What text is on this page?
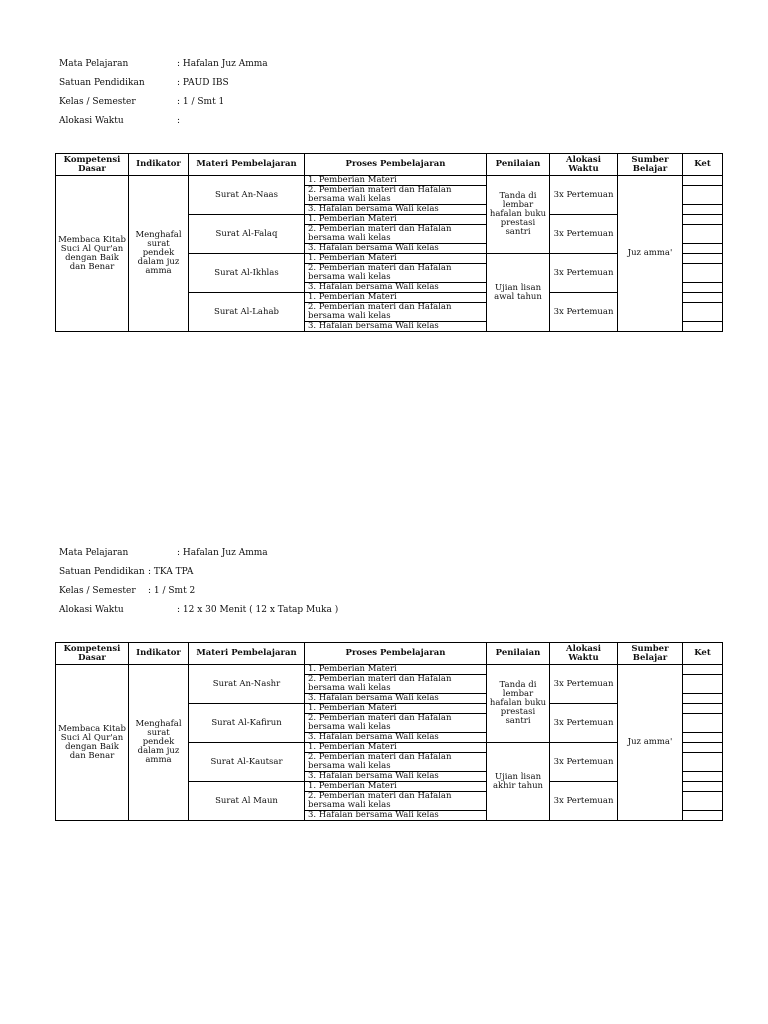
Mata Pelajaran	: Hafalan Juz Amma
Satuan Pendidikan	: PAUD IBS
Kelas / Semester	: 1 / Smt 1
Alokasi Waktu	:
Kompetensi Dasar	Indikator	Materi Pembelajaran	Proses Pembelajaran	Penilaian	Alokasi Waktu	Sumber Belajar	Ket
Membaca Kitab Suci Al Qur'an dengan Baik dan Benar	Menghafal surat pendek dalam juz amma	Surat An-Naas	1. Pemberian Materi	Tanda di lembar hafalan buku prestasi santri	3x Pertemuan	Juz amma'	
			2. Pemberian materi dan Hafalan bersama wali kelas				
			3. Hafalan bersama Wali kelas				
		Surat Al-Falaq	1. Pemberian Materi		3x Pertemuan		
			2. Pemberian materi dan Hafalan bersama wali kelas				
			3. Hafalan bersama Wali kelas				
		Surat Al-Ikhlas	1. Pemberian Materi	Ujian lisan awal tahun	3x Pertemuan		
			2. Pemberian materi dan Hafalan bersama wali kelas				
			3. Hafalan bersama Wali kelas				
		Surat Al-Lahab	1. Pemberian Materi		3x Pertemuan		
			2. Pemberian materi dan Hafalan bersama wali kelas				
			3. Hafalan bersama Wali kelas				
Mata Pelajaran	: Hafalan Juz Amma
Satuan Pendidikan : TKA TPA
Kelas / Semester : 1 / Smt 2
Alokasi Waktu	: 12 x 30 Menit ( 12 x Tatap Muka )
Kompetensi Dasar	Indikator	Materi Pembelajaran	Proses Pembelajaran	Penilaian	Alokasi Waktu	Sumber Belajar	Ket
Membaca Kitab Suci Al Qur'an dengan Baik dan Benar	Menghafal surat pendek dalam juz amma	Surat An-Nashr	1. Pemberian Materi	Tanda di lembar hafalan buku prestasi santri	3x Pertemuan	Juz amma'	
			2. Pemberian materi dan Hafalan bersama wali kelas				
			3. Hafalan bersama Wali kelas				
		Surat Al-Kafirun	1. Pemberian Materi		3x Pertemuan		
			2. Pemberian materi dan Hafalan bersama wali kelas				
			3. Hafalan bersama Wali kelas				
		Surat Al-Kautsar	1. Pemberian Materi	Ujian lisan akhir tahun	3x Pertemuan		
			2. Pemberian materi dan Hafalan bersama wali kelas				
			3. Hafalan bersama Wali kelas				
		Surat Al Maun	1. Pemberian Materi		3x Pertemuan		
			2. Pemberian materi dan Hafalan bersama wali kelas				
			3. Hafalan bersama Wali kelas				
